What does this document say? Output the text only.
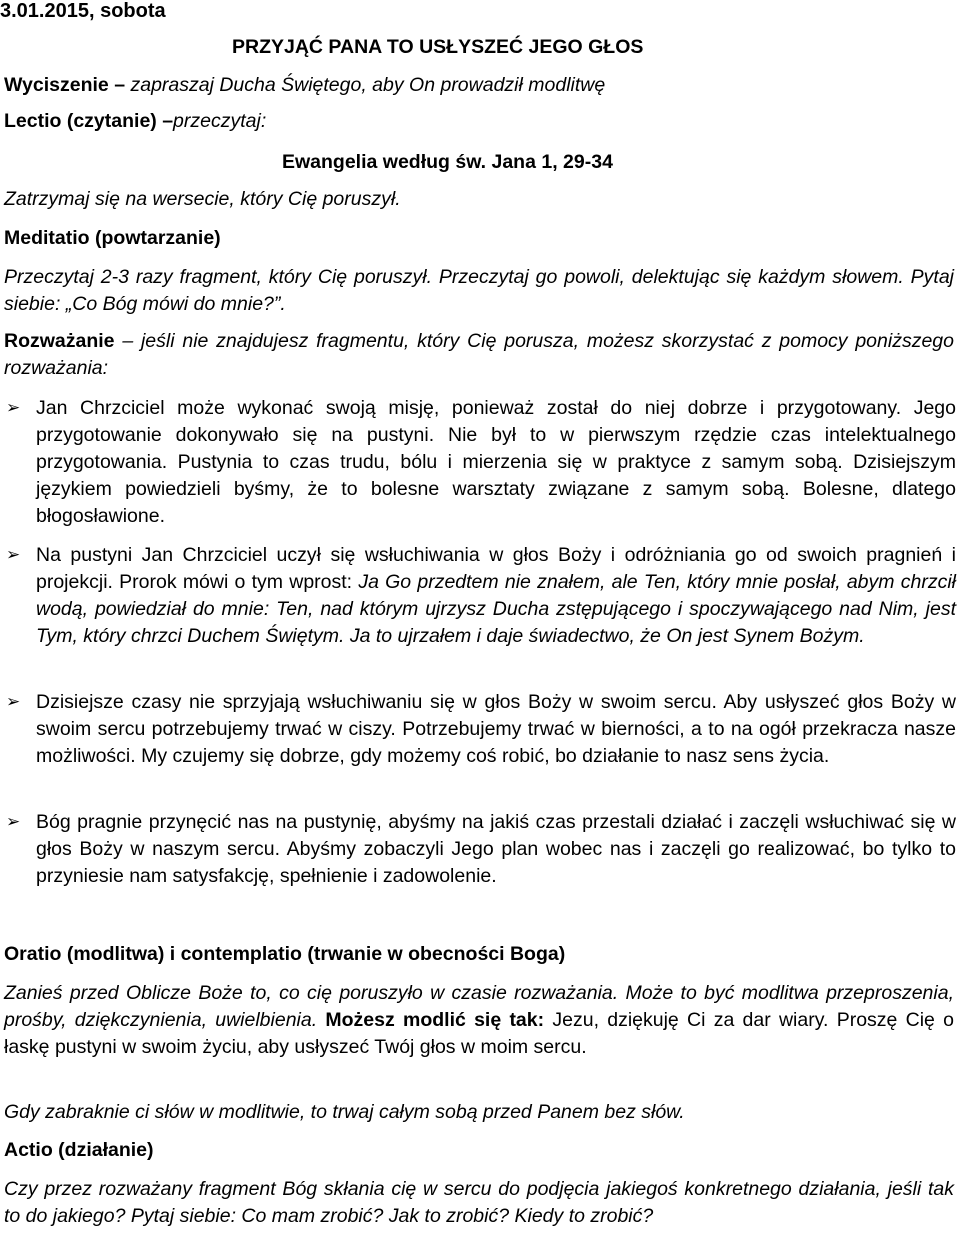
3.01.2015, sobota
PRZYJĄĆ PANA TO USŁYSZEĆ JEGO GŁOS
Wyciszenie – zapraszaj Ducha Świętego, aby On prowadził modlitwę
Lectio (czytanie) –przeczytaj:
Ewangelia według św. Jana 1, 29-34
Zatrzymaj się na wersecie, który Cię poruszył.
Meditatio (powtarzanie)

Przeczytaj 2-3 razy fragment, który Cię poruszył. Przeczytaj go powoli, delektując się każdym słowem. Pytaj siebie: „Co Bóg mówi do mnie?”.

Rozważanie – jeśli nie znajdujesz fragmentu, który Cię porusza, możesz skorzystać z pomocy poniższego rozważania:

➢ Jan Chrzciciel może wykonać swoją misję, ponieważ został do niej dobrze i przygotowany. Jego przygotowanie dokonywało się na pustyni. Nie był to w pierwszym rzędzie czas intelektualnego przygotowania. Pustynia to czas trudu, bólu i mierzenia się w praktyce z samym sobą. Dzisiejszym językiem powiedzieli byśmy, że to bolesne warsztaty związane z samym sobą. Bolesne, dlatego błogosławione.

➢ Na pustyni Jan Chrzciciel uczył się wsłuchiwania w głos Boży i odróżniania go od swoich pragnień i projekcji. Prorok mówi o tym wprost: Ja Go przedtem nie znałem, ale Ten, który mnie posłał, abym chrzcił wodą, powiedział do mnie: Ten, nad którym ujrzysz Ducha zstępującego i spoczywającego nad Nim, jest Tym, który chrzci Duchem Świętym. Ja to ujrzałem i daje świadectwo, że On jest Synem Bożym.

➢ Dzisiejsze czasy nie sprzyjają wsłuchiwaniu się w głos Boży w swoim sercu. Aby usłyszeć głos Boży w swoim sercu potrzebujemy trwać w ciszy. Potrzebujemy trwać w bierności, a to na ogół przekracza nasze możliwości. My czujemy się dobrze, gdy możemy coś robić, bo działanie to nasz sens życia.

➢ Bóg pragnie przynęcić nas na pustynię, abyśmy na jakiś czas przestali działać i zaczęli wsłuchiwać się w głos Boży w naszym sercu. Abyśmy zobaczyli Jego plan wobec nas i zaczęli go realizować, bo tylko to przyniesie nam satysfakcję, spełnienie i zadowolenie.

Oratio (modlitwa) i contemplatio (trwanie w obecności Boga)

Zanieś przed Oblicze Boże to, co cię poruszyło w czasie rozważania. Może to być modlitwa przeproszenia, prośby, dziękczynienia, uwielbienia. Możesz modlić się tak: Jezu, dziękuję Ci za dar wiary. Proszę Cię o łaskę pustyni w swoim życiu, aby usłyszeć Twój głos w moim sercu.

Gdy zabraknie ci słów w modlitwie, to trwaj całym sobą przed Panem bez słów.
Actio (działanie)

Czy przez rozważany fragment Bóg skłania cię w sercu do podjęcia jakiegoś konkretnego działania, jeśli tak to do jakiego? Pytaj siebie: Co mam zrobić? Jak to zrobić? Kiedy to zrobić?
